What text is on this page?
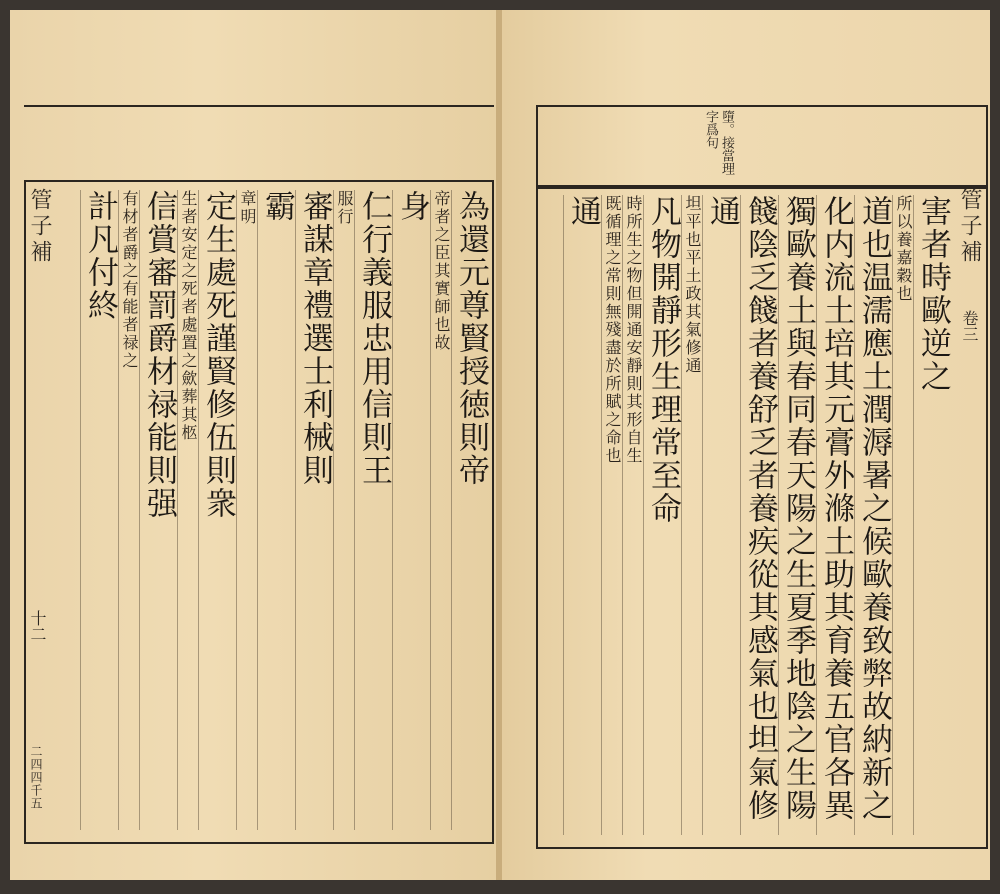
管子補
十二
二四四千五
為還元尊賢授徳則帝
帝者之臣其實師也故
身
仁行義服忠用信則王
服行
審謀章禮選士利械則
霸
章明
定生處死謹賢修伍則衆
生者安定之死者處置之歛葬其柩
信賞審罰爵材禄能則强
有材者爵之有能者禄之
計凡付終
墮。接當理字爲句
管子補
卷三
害者時歐逆之
所以養嘉穀也
道也温濡應土潤溽暑之候歐養致弊故納新之
化内流土培其元膏外滌土助其育養五官各異
獨歐養土與春同春天陽之生夏季地陰之生陽
餞陰乏餞者養舒乏者養疾從其感氣也坦氣修
通
坦平也平土政其氣修通
凡物開靜形生理常至命
時所生之物但開通安靜則其形自生
既循理之常則無殘盡於所賦之命也
通
